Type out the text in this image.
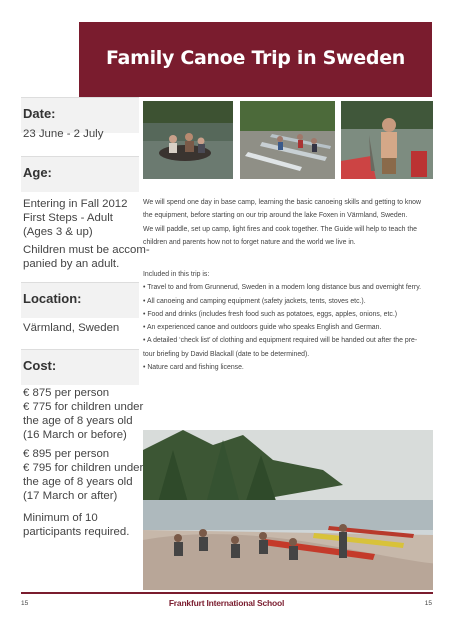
Family Canoe Trip in Sweden
Date:
23 June - 2 July
Age:
Entering in Fall 2012
First Steps - Adult
(Ages 3 & up)
Children must be accom-
panied by an adult.
Location:
Värmland, Sweden
Cost:
€ 875 per person
€ 775 for children under
the age of 8 years old
(16 March or before)
€ 895 per person
€ 795 for children under
the age of 8 years old
(17 March or after)
Minimum of 10
participants required.
We will spend one day in base camp, learning the basic canoeing skills and getting to know
the equipment, before starting on our trip around the lake Foxen in Värmland, Sweden.
We will paddle, set up camp, light fires and cook together. The Guide will help to teach the
children and parents how not to forget nature and the world we live in.
Included in this trip is:
• Travel to and from Grunnerud, Sweden in a modern long distance bus and overnight ferry.
• All canoeing and camping equipment (safety jackets, tents, stoves etc.).
• Food and drinks (includes fresh food such as potatoes, eggs, apples, onions, etc.)
• An experienced canoe and outdoors guide who speaks English and German.
• A detailed ‘check list’ of clothing and equipment required will be handed out after the pre-
tour briefing by David Blackall (date to be determined).
• Nature card and fishing license.
15	Frankfurt International School	15
